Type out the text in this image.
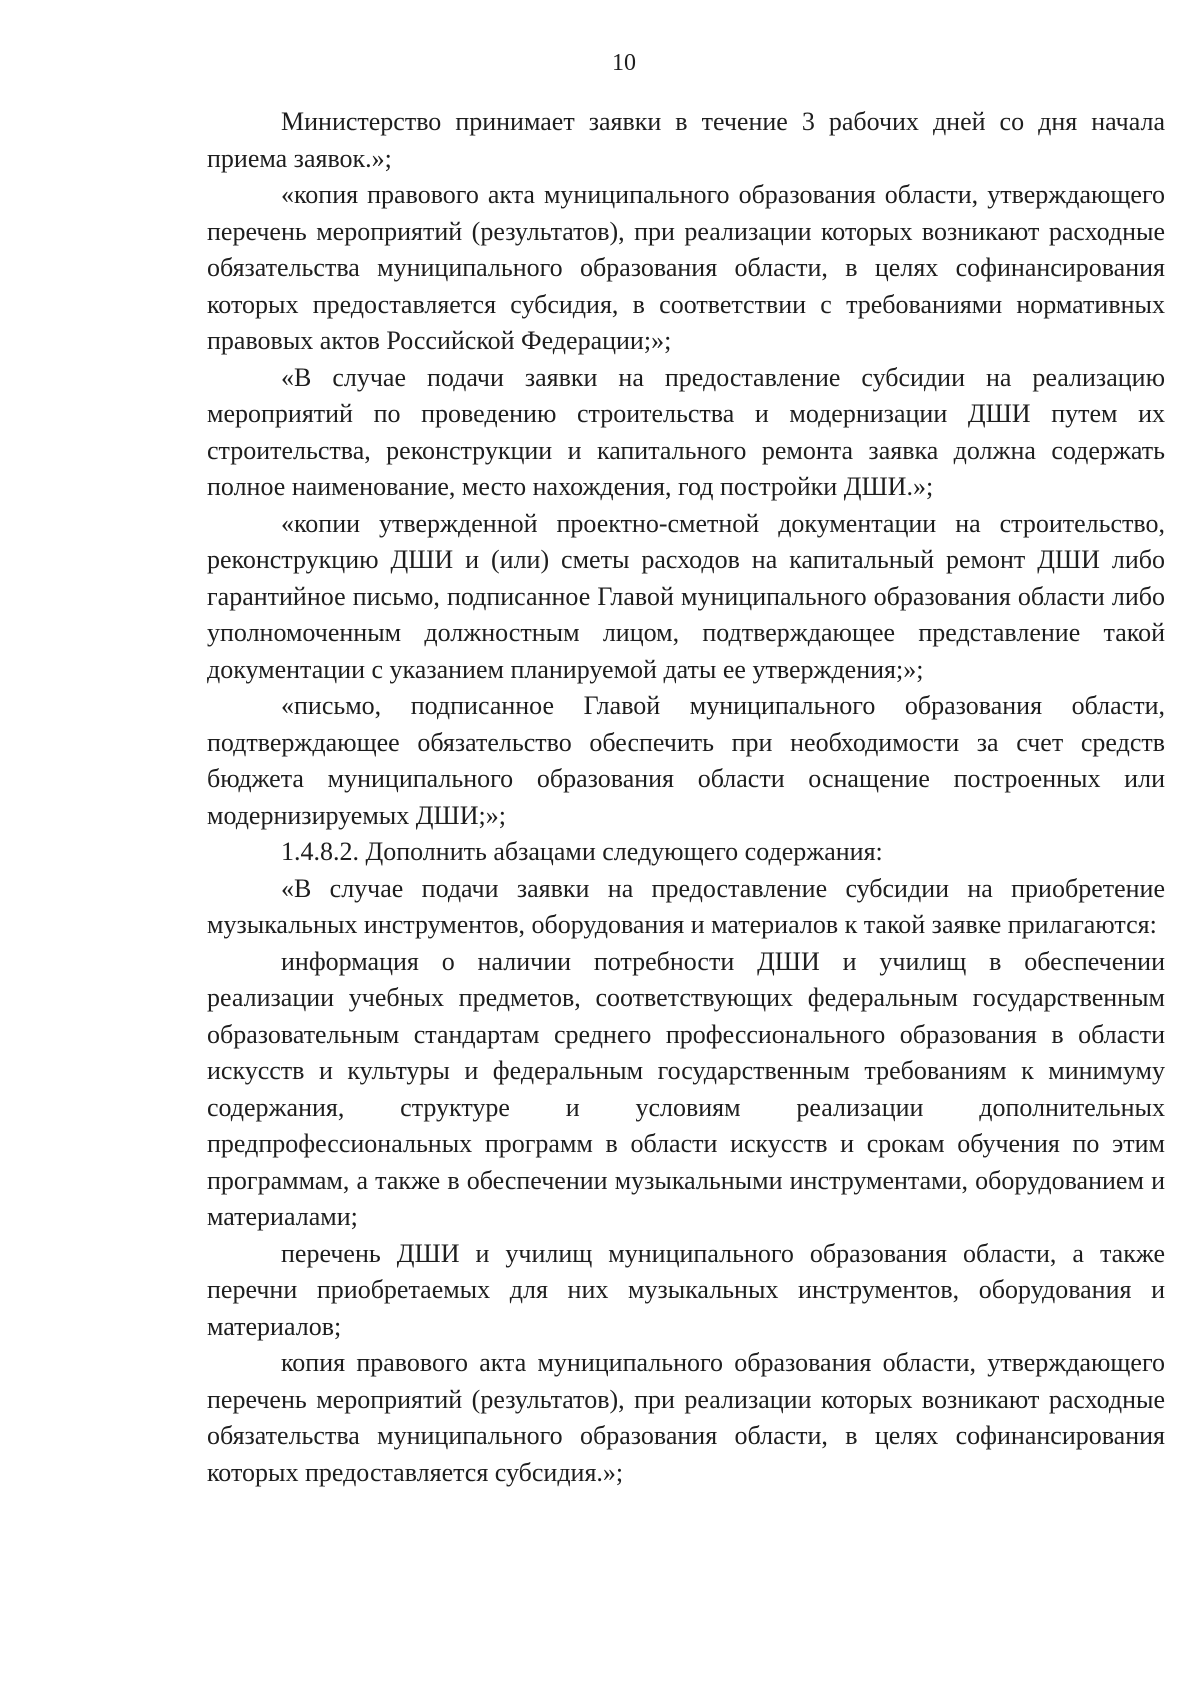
10

Министерство принимает заявки в течение 3 рабочих дней со дня начала приема заявок.»;

«копия правового акта муниципального образования области, утверждающего перечень мероприятий (результатов), при реализации которых возникают расходные обязательства муниципального образования области, в целях софинансирования которых предоставляется субсидия, в соответствии с требованиями нормативных правовых актов Российской Федерации;»;

«В случае подачи заявки на предоставление субсидии на реализацию мероприятий по проведению строительства и модернизации ДШИ путем их строительства, реконструкции и капитального ремонта заявка должна содержать полное наименование, место нахождения, год постройки ДШИ.»;

«копии утвержденной проектно-сметной документации на строительство, реконструкцию ДШИ и (или) сметы расходов на капитальный ремонт ДШИ либо гарантийное письмо, подписанное Главой муниципального образования области либо уполномоченным должностным лицом, подтверждающее представление такой документации с указанием планируемой даты ее утверждения;»;

«письмо, подписанное Главой муниципального образования области, подтверждающее обязательство обеспечить при необходимости за счет средств бюджета муниципального образования области оснащение построенных или модернизируемых ДШИ;»;

1.4.8.2. Дополнить абзацами следующего содержания:

«В случае подачи заявки на предоставление субсидии на приобретение музыкальных инструментов, оборудования и материалов к такой заявке прилагаются:

информация о наличии потребности ДШИ и училищ в обеспечении реализации учебных предметов, соответствующих федеральным государственным образовательным стандартам среднего профессионального образования в области искусств и культуры и федеральным государственным требованиям к минимуму содержания, структуре и условиям реализации дополнительных предпрофессиональных программ в области искусств и срокам обучения по этим программам, а также в обеспечении музыкальными инструментами, оборудованием и материалами;

перечень ДШИ и училищ муниципального образования области, а также перечни приобретаемых для них музыкальных инструментов, оборудования и материалов;

копия правового акта муниципального образования области, утверждающего перечень мероприятий (результатов), при реализации которых возникают расходные обязательства муниципального образования области, в целях софинансирования которых предоставляется субсидия.»;
